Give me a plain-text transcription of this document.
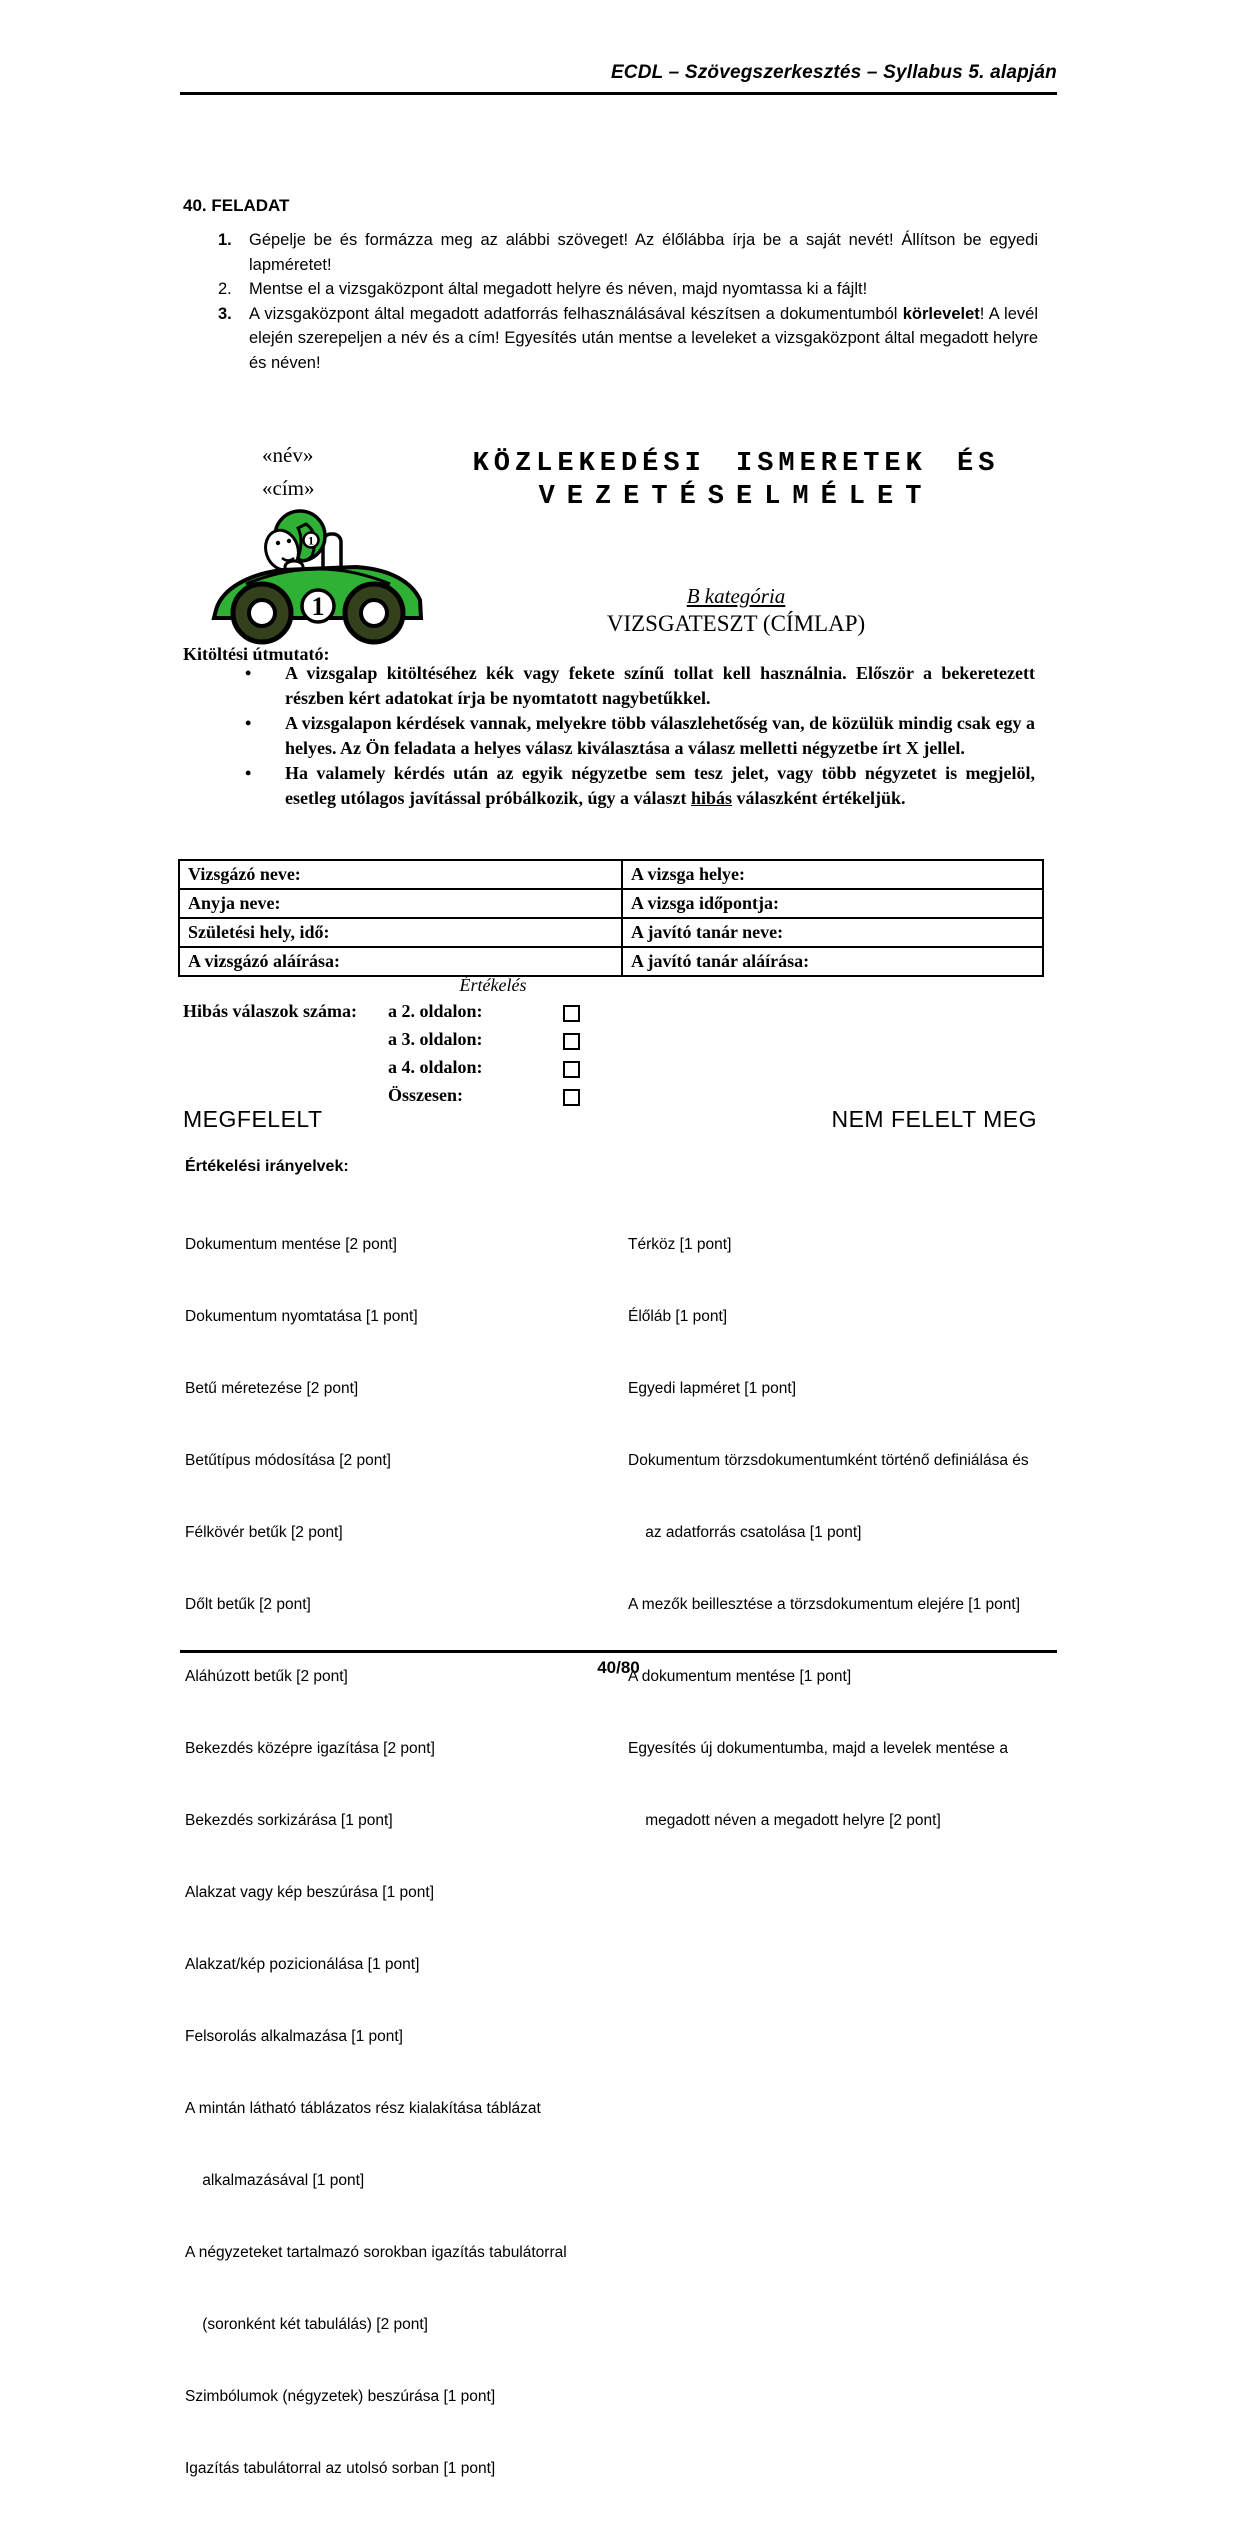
ECDL – Szövegszerkesztés – Syllabus 5. alapján
40. FELADAT
1.	Gépelje be és formázza meg az alábbi szöveget! Az élőlábba írja be a saját nevét! Állítson be egyedi lapméretet!
2.	Mentse el a vizsgaközpont által megadott helyre és néven, majd nyomtassa ki a fájlt!
3.	A vizsgaközpont által megadott adatforrás felhasználásával készítsen a dokumentumból körlevelet! A levél elején szerepeljen a név és a cím! Egyesítés után mentse a leveleket a vizsgaközpont által megadott helyre és néven!
«név»
«cím»
1
1
KÖZLEKEDÉSI ISMERETEK ÉS
VEZETÉSELMÉLET
B kategória
VIZSGATESZT (CÍMLAP)
Kitöltési útmutató:
•	A vizsgalap kitöltéséhez kék vagy fekete színű tollat kell használnia. Először a bekeretezett részben kért adatokat írja be nyomtatott nagybetűkkel.
•	A vizsgalapon kérdések vannak, melyekre több válaszlehetőség van, de közülük mindig csak egy a helyes. Az Ön feladata a helyes válasz kiválasztása a válasz melletti négyzetbe írt X jellel.
•	Ha valamely kérdés után az egyik négyzetbe sem tesz jelet, vagy több négyzetet is megjelöl, esetleg utólagos javítással próbálkozik, úgy a választ hibás válaszként értékeljük.
Vizsgázó neve:	A vizsga helye:
Anyja neve:	A vizsga időpontja:
Születési hely, idő:	A javító tanár neve:
A vizsgázó aláírása:	A javító tanár aláírása:
Értékelés
Hibás válaszok száma: a 2. oldalon:
a 3. oldalon:
a 4. oldalon:
Összesen:
MEGFELELT	NEM FELELT MEG
Értékelési irányelvek:

Dokumentum mentése [2 pont]

Dokumentum nyomtatása [1 pont]

Betű méretezése [2 pont]

Betűtípus módosítása [2 pont]

Félkövér betűk [2 pont]

Dőlt betűk [2 pont]

Aláhúzott betűk [2 pont]

Bekezdés középre igazítása [2 pont]

Bekezdés sorkizárása [1 pont]

Alakzat vagy kép beszúrása [1 pont]

Alakzat/kép pozicionálása [1 pont]

Felsorolás alkalmazása [1 pont]

A mintán látható táblázatos rész kialakítása táblázat

alkalmazásával [1 pont]

A négyzeteket tartalmazó sorokban igazítás tabulátorral

(soronként két tabulálás) [2 pont]

Szimbólumok (négyzetek) beszúrása [1 pont]

Igazítás tabulátorral az utolsó sorban [1 pont]

Térköz [1 pont]

Élőláb [1 pont]

Egyedi lapméret [1 pont]

Dokumentum törzsdokumentumként történő definiálása és

az adatforrás csatolása [1 pont]

A mezők beillesztése a törzsdokumentum elejére [1 pont]

A dokumentum mentése [1 pont]

Egyesítés új dokumentumba, majd a levelek mentése a

megadott néven a megadott helyre [2 pont]

40/80
